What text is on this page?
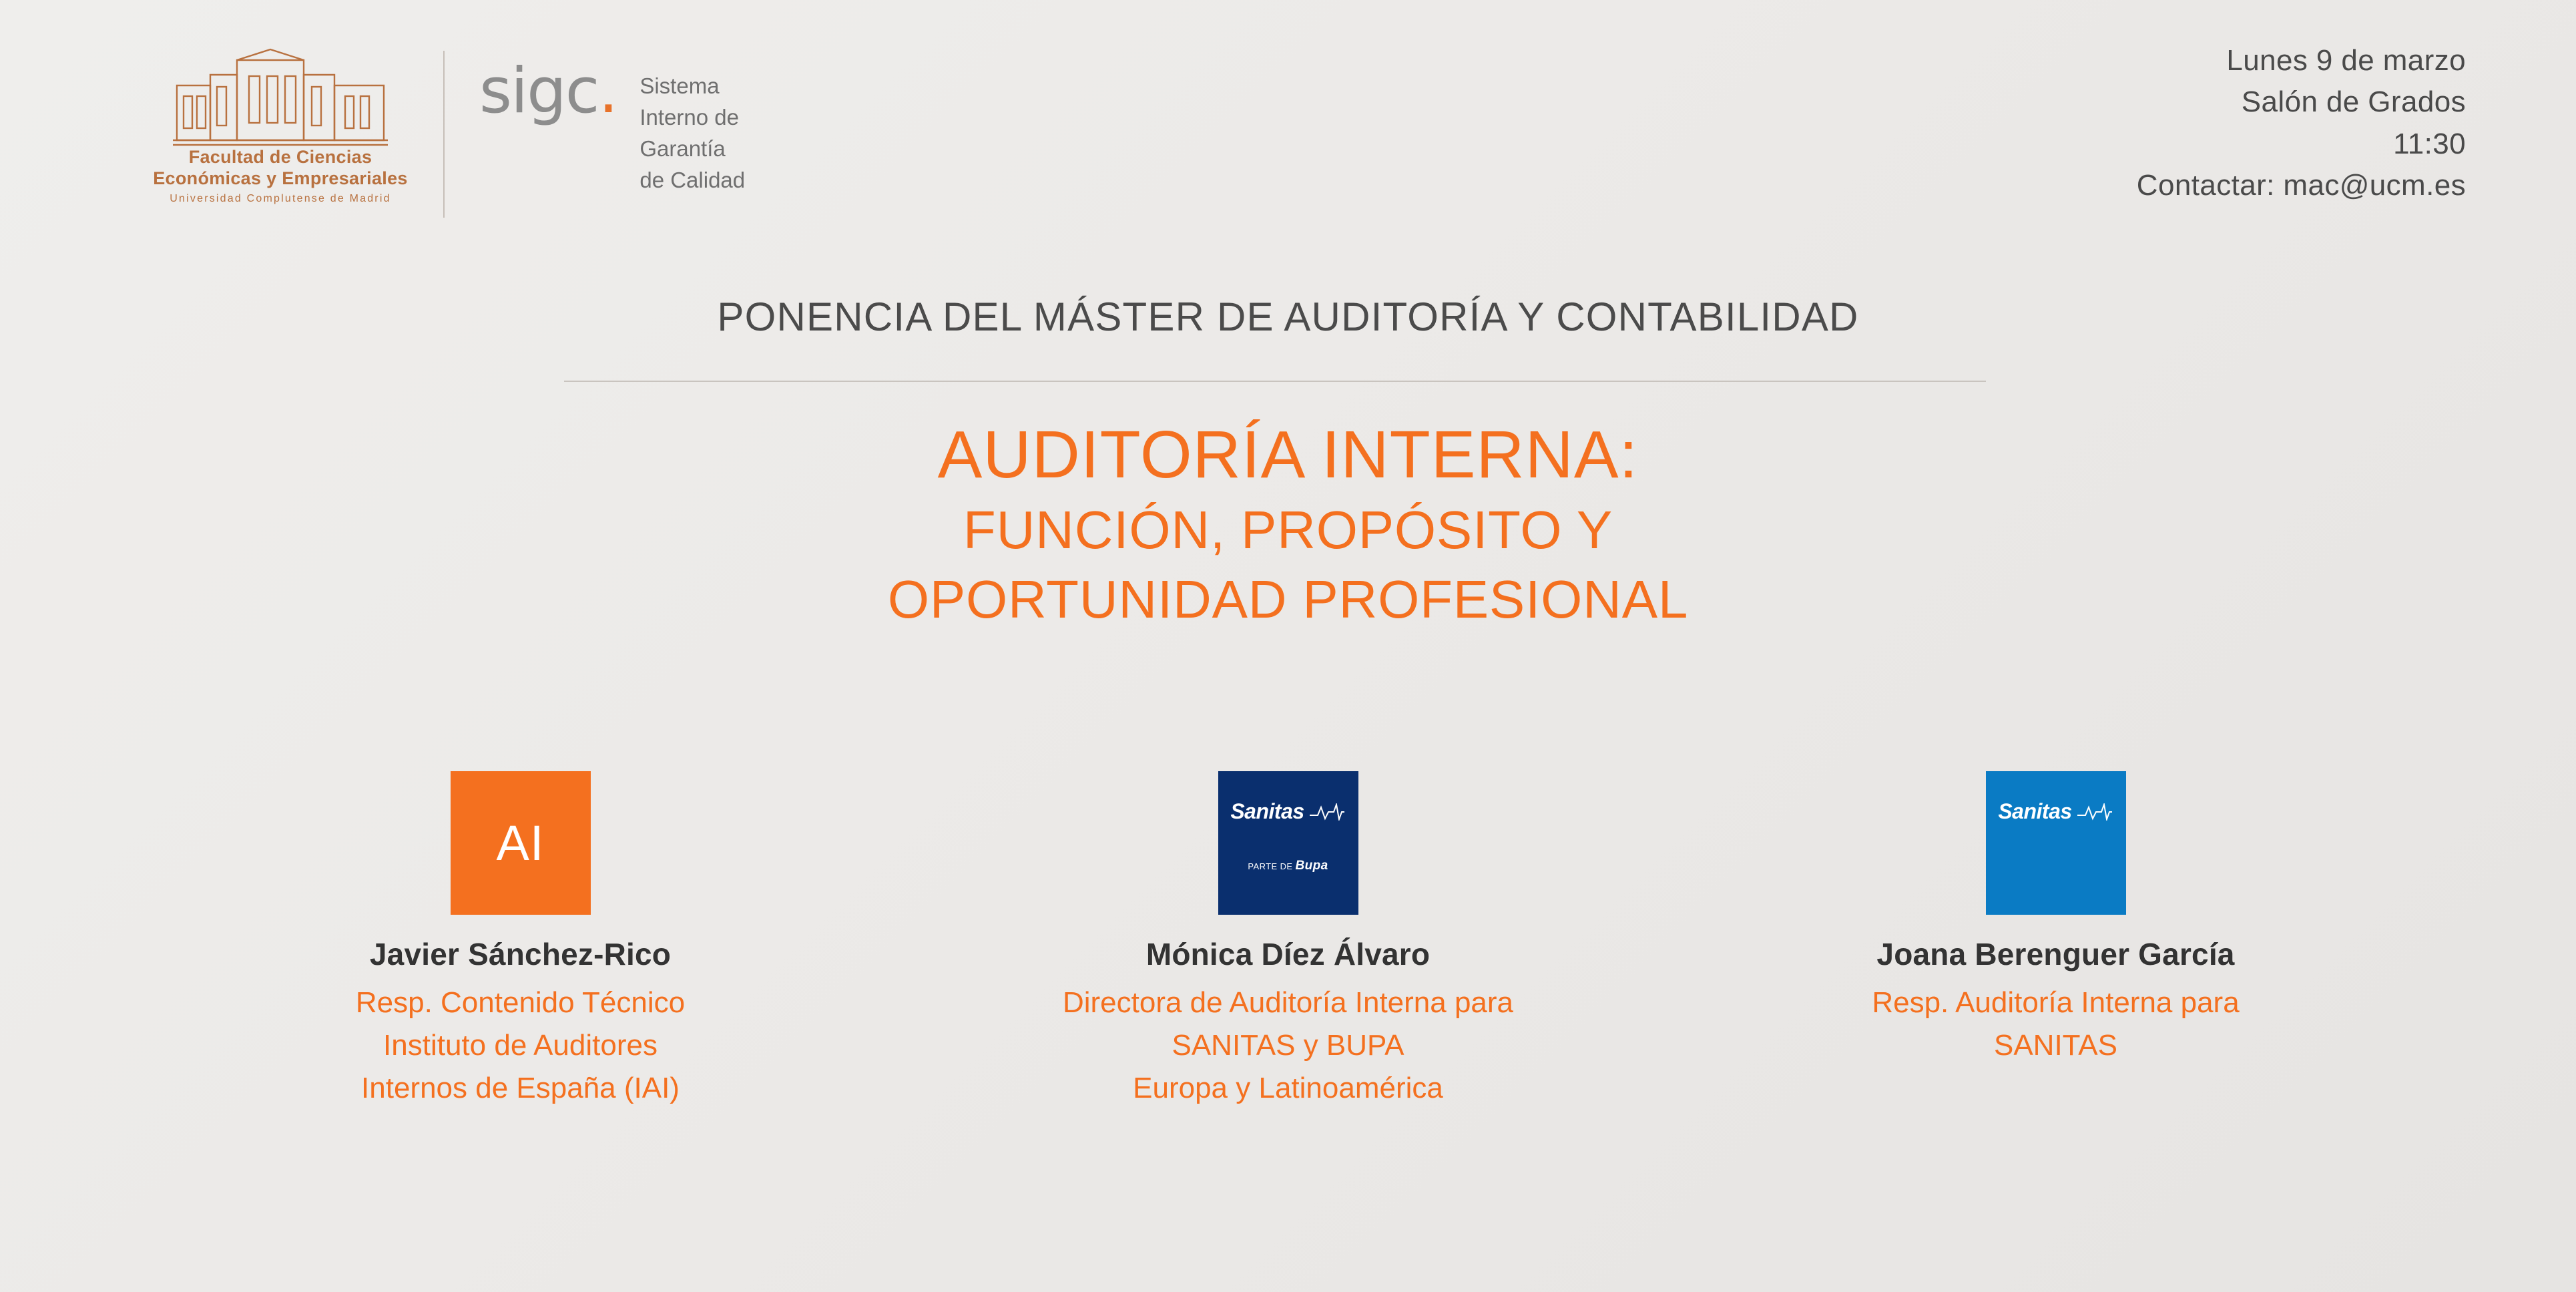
Facultad de Ciencias
Económicas y Empresariales
Universidad Complutense de Madrid
sigc. Sistema
Interno de
Garantía
de Calidad
Lunes 9 de marzo
Salón de Grados
11:30
Contactar: mac@ucm.es
PONENCIA DEL MÁSTER DE AUDITORÍA Y CONTABILIDAD
AUDITORÍA INTERNA:
FUNCIÓN, PROPÓSITO Y
OPORTUNIDAD PROFESIONAL
AI
Javier Sánchez-Rico
Resp. Contenido Técnico
Instituto de Auditores
Internos de España (IAI)
Sanitas
PARTE DE Bupa
Mónica Díez Álvaro
Directora de Auditoría Interna para
SANITAS y BUPA
Europa y Latinoamérica
Sanitas
Joana Berenguer García
Resp. Auditoría Interna para
SANITAS
